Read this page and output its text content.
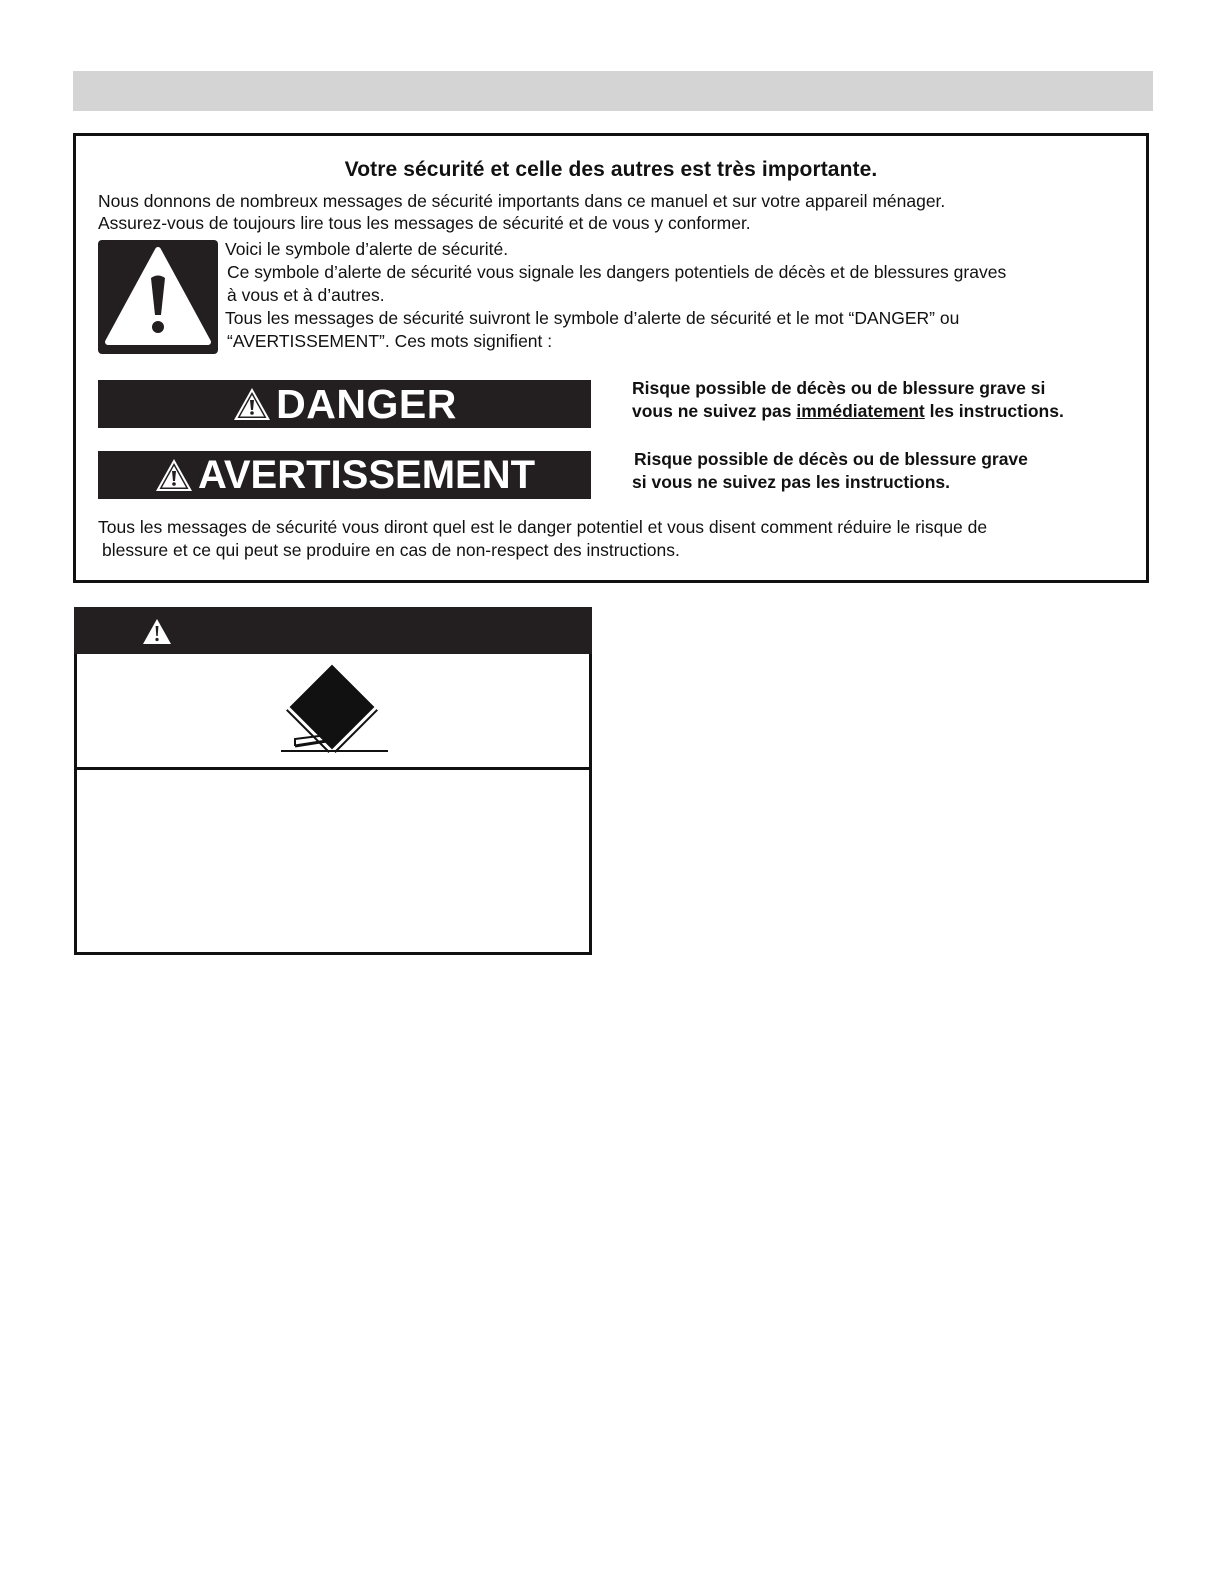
Votre sécurité et celle des autres est très importante.
Nous donnons de nombreux messages de sécurité importants dans ce manuel et sur votre appareil ménager.
Assurez-vous de toujours lire tous les messages de sécurité et de vous y conformer.
Voici le symbole d’alerte de sécurité.
Ce symbole d’alerte de sécurité vous signale les dangers potentiels de décès et de blessures graves
à vous et à d’autres.
Tous les messages de sécurité suivront le symbole d’alerte de sécurité et le mot “DANGER” ou
“AVERTISSEMENT”. Ces mots signifient :
DANGER	Risque possible de décès ou de blessure grave si
vous ne suivez pas immédiatement les instructions.
AVERTISSEMENT	Risque possible de décès ou de blessure grave
si vous ne suivez pas les instructions.
Tous les messages de sécurité vous diront quel est le danger potentiel et vous disent comment réduire le risque de
blessure et ce qui peut se produire en cas de non-respect des instructions.
